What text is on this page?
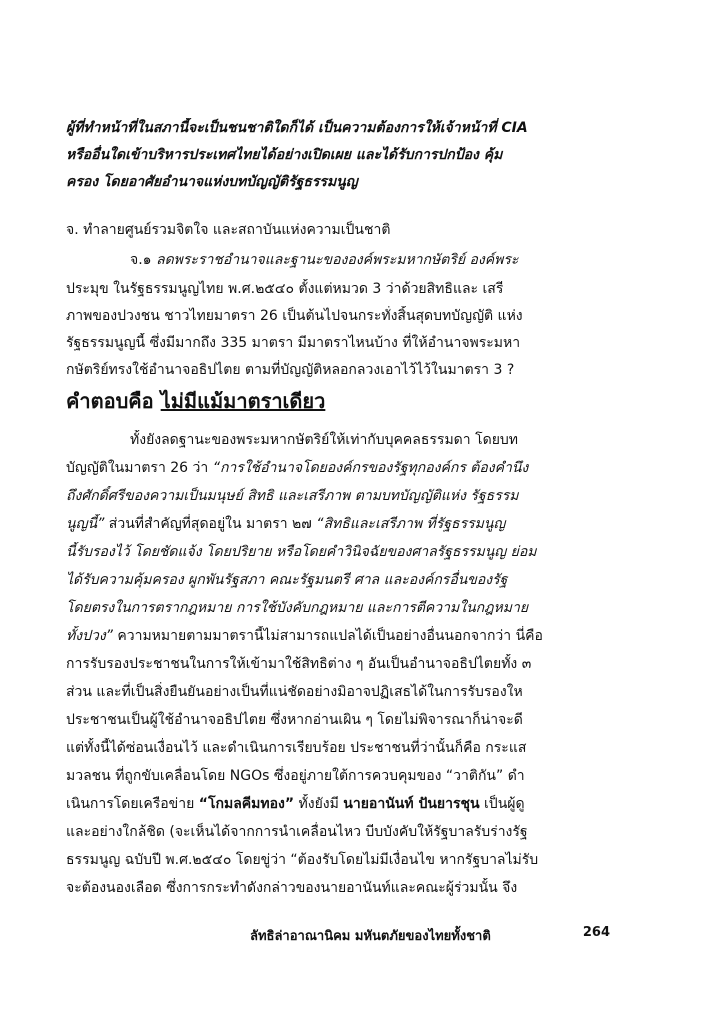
ผู้ที่ทำหน้าที่ในสภานี้จะเป็นชนชาติใดก็ได้ เป็นความต้องการให้เจ้าหน้าที่ CIA
หรืออื่นใดเข้าบริหารประเทศไทยได้อย่างเปิดเผย และได้รับการปกป้อง คุ้ม
ครอง โดยอาศัยอำนาจแห่งบทบัญญัติรัฐธรรมนูญ
จ. ทำลายศูนย์รวมจิตใจ และสถาบันแห่งความเป็นชาติ
จ.๑ ลดพระราชอำนาจและฐานะขององค์พระมหากษัตริย์ องค์พระ
ประมุข ในรัฐธรรมนูญไทย พ.ศ.๒๕๔๐ ตั้งแต่หมวด 3 ว่าด้วยสิทธิและ เสรี
ภาพของปวงชน ชาวไทยมาตรา 26 เป็นต้นไปจนกระทั่งสิ้นสุดบทบัญญัติ แห่ง
รัฐธรรมนูญนี้ ซึ่งมีมากถึง 335 มาตรา มีมาตราไหนบ้าง ที่ให้อำนาจพระมหา
กษัตริย์ทรงใช้อำนาจอธิปไตย ตามที่บัญญัติหลอกลวงเอาไว้ไว้ในมาตรา 3 ?
คำตอบคือ ไม่มีแม้มาตราเดียว
ทั้งยังลดฐานะของพระมหากษัตริย์ให้เท่ากับบุคคลธรรมดา โดยบท
บัญญัติในมาตรา 26 ว่า “การใช้อำนาจโดยองค์กรของรัฐทุกองค์กร ต้องคำนึง
ถึงศักดิ์ศรีของความเป็นมนุษย์ สิทธิ และเสรีภาพ ตามบทบัญญัติแห่ง รัฐธรรม
นูญนี้” ส่วนที่สำคัญที่สุดอยู่ใน มาตรา ๒๗ “สิทธิและเสรีภาพ ที่รัฐธรรมนูญ
นี้รับรองไว้ โดยชัดแจ้ง โดยปริยาย หรือโดยคำวินิจฉัยของศาลรัฐธรรมนูญ ย่อม
ได้รับความคุ้มครอง ผูกพันรัฐสภา คณะรัฐมนตรี ศาล และองค์กรอื่นของรัฐ
โดยตรงในการตรากฎหมาย การใช้บังคับกฎหมาย และการตีความในกฎหมาย
ทั้งปวง” ความหมายตามมาตรานี้ไม่สามารถแปลได้เป็นอย่างอื่นนอกจากว่า นี่คือ
การรับรองประชาชนในการให้เข้ามาใช้สิทธิต่าง ๆ อันเป็นอำนาจอธิปไตยทั้ง ๓
ส่วน และที่เป็นสิ่งยืนยันอย่างเป็นที่แน่ชัดอย่างมิอาจปฏิเสธได้ในการรับรองให
ประชาชนเป็นผู้ใช้อำนาจอธิปไตย ซึ่งหากอ่านเผิน ๆ โดยไม่พิจารณาก็น่าจะดี
แต่ทั้งนี้ได้ซ่อนเงื่อนไว้ และดำเนินการเรียบร้อย ประชาชนที่ว่านั้นก็คือ กระแส
มวลชน ที่ถูกขับเคลื่อนโดย NGOs ซึ่งอยู่ภายใต้การควบคุมของ “วาติกัน” ดำ
เนินการโดยเครือข่าย “โกมลคีมทอง” ทั้งยังมี นายอานันท์ ปันยารชุน เป็นผู้ดู
และอย่างใกล้ชิด (จะเห็นได้จากการนำเคลื่อนไหว บีบบังคับให้รัฐบาลรับร่างรัฐ
ธรรมนูญ ฉบับปี พ.ศ.๒๕๔๐ โดยขู่ว่า “ต้องรับโดยไม่มีเงื่อนไข หากรัฐบาลไม่รับ
จะต้องนองเลือด ซึ่งการกระทำดังกล่าวของนายอานันท์และคณะผู้ร่วมนั้น จึง
ลัทธิล่าอาณานิคม มหันตภัยของไทยทั้งชาติ	264
